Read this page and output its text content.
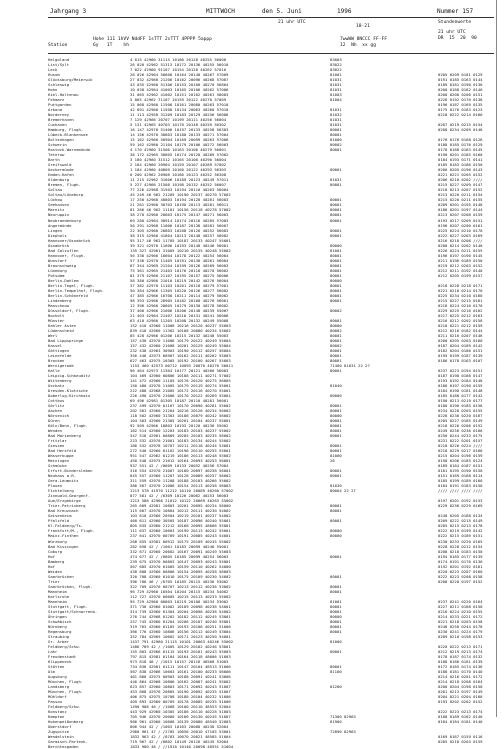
Jahrgang 3	MITTWOCH	den 5. Juni	1996	Nummer 157
21 uhr UTC
18-21
Stundenwerte
21 uhr UTC
DR  15  20  90
Hohe 111 1hVV NddFF 1sTTT 2sTTT 4PPPP 5appp
Station	6y   1T    hh
7wwWW 8NCCC FF-FF
12  Nh  xx gg
Helgoland	4 015 42960 31115 10160 20128 40255 56006	83003
List/Sylt	26 020 42962 51313 10172 20136 40255 56010	83022
Leck	7 022 42960 91107 10154 20128 40262 57010	83022
Husum	28 026 42964 50608 10164 20140 40267 57009	81001	0205 0209 0181 0129
Glücksburg/Meierwik	27 032 42960 21206 10162 20096 40268 57007	81031	0191 0185 0163 0144
Schleswig	43 035 42960 51106 10153 20100 40270 56804	81031	0189 0181 0190 0136
Hohn	10 038 42964 41003 10165 20106 40262 57006	81031	0200 0188 0162 0140
Kiel-Holtenau	31 065 42962 41002 10151 20102 40261 58003	81003	0200 0208 0200 0151
Fehmarn	5 065 42962 71107 10159 20122 40270 57009	81004	0226 0192 0170 0138
Puttgarden	15 068 42960 11506 10161 20080 40263 57010	0196 0187 0169 0135
Arkona	42 091 42960 11508 10134 20063 40260 57010	81031	0175 0176 0183 0123
Norderney	11 113 42958 31209 10183 20129 40256 56006	81032	0218 0222 0214 0160
Bremerhaven	7 129 42966 20707 10199 20111 40256 56004	81031
Cuxhaven	5 131 42965 40703 10178 20148 40259 56302	81031	0207 0219 0215 0154
Hamburg, Flugh.	16 147 42970 51406 10197 20133 40258 56303	80001	0208 0234 0209 0148
Lübeck-Blankensee	14 156 42970 30803 10180 20133 40271 57004	80001
Boltenhagen	15 162 42960 50904 10169 20099 40263 57006	81000	0176 0176 0168 0126
Schwerin	59 162 42960 21104 10179 20106 40272 56003	80002	0188 0185 0176 0129
Rostock-Warnemünde	4 170 42960 31506 10163 20106 40279 56001	80001	0178 0188 0183 0145
Teterow	38 172 42965 30805 10174 20120 40289 57002	0190 0201 0185 0160
Barth	3 180 42960 31512 10165 20100 40290 56004	0184 0193 0171 0141
Greifswald	2 184 42960 20904 10159 20107 40289 57002	0185 0183 0186 0150
Ueckermünde	1 184 42960 40809 10160 20122 40293 56303	80001	0200 0205 0196 0143
Emden-Hafen	0 200 42962 20908 10186 20123 40252 56308	0221 0221 0205 0152
Oldenburg	11 215 42962 31606 10189 20123 40249 57011	81031	0206 0210 0202 ////
Bremen, Flugh.	5 227 42966 21508 10198 20132 40252 56007	80001	0215 0227 0209 0147
Soltau	77 226 42968 31503 10194 20110 40263 56004	0218 0213 0207 0152
Soltau/Lüneburg	45 249 46 962 21205 10190 20137 40270 57002	0213 0220 0211 0154
Lüchow	17 250 42968 40803 10194 20128 40281 56003	80001	0215 0220 0211 0155
Seehausen	21 261 42960 30703 10190 20113 40281 56011	80001	0209 0201 0195 0148
Marnitz	81 266 46 962 11101 10156 20118 40278 57002	80001	0186 0201 0197 0144
Neuruppin	38 270 42960 20803 10175 20147 40271 56003	80001	0213 0207 0208 0159
Neubrandenburg	69 280 42964 30914 10174 20116 40285 57003	80001	0193 0217 0209 0151
Angermünde	56 291 42968 11006 10187 20138 40281 56007	0196 0207 0200 0161
Lingen	22 305 42960 20803 10208 20126 40252 56003	80001	0225 0224 0210 0170
Diepholz	38 315 42960 41804 10213 20148 40257 56002	80001	0222 0227 0203 0169
Hannover/Osnabrück	95 317 46 962 11705 10187 20133 40247 55001	0216 0218 0208 ////
Osnabrück	39 321 42970 11606 10193 20140 40246 56001	80000	0208 0214 0202 0140
Bad Salzuflen	135 327 42961 31005 10210 20135 40248 55002	81001	0226 0224 0211 0155
Hannover, Flugh.	56 338 42966 10604 10178 20122 40254 56004	80001	0196 0197 0190 0145
Wunstorf	57 336 42970 11405 10191 20138 40261 56004	80001	0211 0196 0189 0150
Braunschweig	87 344 42969 21204 10199 20126 40269 56003	80001	0219 0212 0203 0152
Lüneburg	75 361 42965 21403 10176 20118 40270 56002	80001	0212 0211 0192 0140
Potsdam	81 379 42960 21107 10195 20157 40275 56006	80001	0212 0205 0199 0157
Berlin-Dahlem	58 380 42960 21010 10219 20142 40276 56004	80000
Berlin-Tegel, Flugh.	37 382 42970 11103 10201 20118 40279 57001	80001	0218 0228 0218 0171
Berlin-Tempelhof, Flugh.	50 384 42966 11305 10220 20126 40277 56002	80001	0221 0218 0214 0170
Berlin-Schönefeld	47 385 42966 10708 10211 20114 40279 56002	80001	0225 0234 0210 0160
Lindenberg	98 393 42966 20905 10182 20108 40276 56001	80001	0215 0227 0215 0161
Manschnow	12 396 42960 20605 10179 20130 40278 56002	0218 0224 0216 0170
Düsseldorf, Flugh.	37 400 42966 21006 10206 20148 40239 55007	80002	0229 0225 0210 0162
Bocholt	21 403 42964 21407 10216 20131 40241 56006	0217 0225 0212 0163
Münster	63 410 42960 11205 10208 20132 40249 55008	80001	0216 0212 0202 0158
Kahler Asten	152 410 42960 11006 10216 20120 40237 55003	80000	0218 0221 0212 0159
Lüdenscheid	839 418 42960 11302 10108 20080 40234 55002	80002	0212 0218 0182 0144
Werl	85 428 42966 01206 10215 20132 40248 55003	80001	0211 0216 0207 0146
Bad Lippspringe	157 430 42970 11006 10179 20122 40249 55004	80001	0200 0205 0203 0160
Kassel	157 432 42960 21008 10201 20129 40249 55004	80002	0187 0204 0189 0142
Göttingen	232 438 42963 30903 10190 20112 40257 56004	80001	0182 0204 0186 0151
Leinefelde	356 446 42973 00907 10162 20111 40262 55003	80001	0195 0199 0187 0139
Brocken	627 463 42975 10305 10192 20100 40267 55003	80001	0186 0178 0163 0107
Wernigerode	1153 460 42573 00712 10093 20070 40270 56011	71400 81031 22 27
Halle	96 464 42973 11304 10177 20121 40266 56003	80001	0237 0223 0194 0151
Leipzig-Schkeuditz	104 469 42960 00806 10188 20111 40271 57002	0187 0198 0186 0147
Wittenberg	141 472 42960 11105 10176 20120 40275 56005	0193 0192 0184 0148
Oschatz	150 480 42970 11005 10179 20119 40274 55001	81040	0186 0197 0190 0155
Dresden-Klotzsche	222 488 42968 21005 10172 20116 40270 55001	0184 0190 0181 0148
Doberlug-Kirchhain	226 490 42970 21006 10170 20122 40269 55001	80000	0185 0188 0177 0142
Cottbus	69 496 42981 01305 10187 20110 40281 56001	0190 0213 0219 0177
Görlitz	237 499 42970 01107 10170 20090 40281 55002	80001	0180 0190 0185 0156
Aachen	202 501 42960 21204 10216 20126 40234 56002	80001	0234 0228 0203 0155
Nörvenich	118 502 42960 31303 10186 20079 40242 56002	80000	0228 0230 0220 0167
Düren	104 503 42960 21305 10201 20104 40237 55001	80001	0205 0227 0185 0149
Köln/Bonn, Flugh.	92 509 42966 10803 10193 20120 40236 55002	80001	0218 0226 0206 0152
Wenden	182 514 42960 12203 10183 20103 40237 55002	80001	0249 0250 0236 0166
Bad Marienberg	547 516 42961 00809 10205 20103 40235 56002	80001	0250 0244 0233 0175
Fritzlar	223 532 42970 21001 10183 20134 40244 55002	0231 0222 0201 0157
Giessen	186 532 42978 10707 10211 20118 40244 53001	80001	0218 0226 0224 ////
Bad Hersfeld	272 540 42960 01102 10196 20110 40255 55001	80001	0218 0229 0217 0166
Wasserkuppe	951 547 42962 01219 10186 20113 40248 55002	81000	0215 0204 0196 0159
Meiningen	450 548 42975 21012 10164 20093 40253 56001	26	0190 0206 0185 0124
Schmücke	937 551 42 / /0609 10133 20052 40256 57004	0189 0184 0187 0151
Erfurt-Bindersleben	316 554 42970 21007 10180 20097 40258 56001	80001	0181 0195 0190 0150
Neuhaus a.R.	845 557 42960 11207 10128 20089 40257 56002	80001	0151 0169 0168 0114
Gera-Leumnitz	311 559 42970 11208 10188 20103 40266 55002	0185 0199 0189 0160
Plauen	386 567 42970 21006 10154 20113 40258 56003	81030	0184 0191 0183 0150
Fichtelberg	1213 578 41970 11212 10110 20089 40260 57002	80004 22 27	//// //// //// ////
Zinnwald-Georgenf.	877 581 42 / /0309 10126 20062 40253 56003
Aue/Erzgebirge	1213 586 42966 21012 10122 20069 40263 55002	0197 0201 0192 0153
Trier-Petrisberg	265 609 42981 10803 10201 20095 40234 56000	80001	0229 0236 0229 0169
Bad Kreuznach	115 607 42970 10804 10212 20111 40230 54002	80001
Geisenheim	103 610 42960 20504 10219 20101 40237 54002	0248 0205 0188 0134
Pfalzfeld	460 611 42960 30505 10187 20096 40240 55001	80001	0209 0222 0215 0149
Kl.Feldberg/Ts.	805 635 42960 21212 10168 20095 48006 55001	0205 0215 0213 0178
Frankfurt/M., Flugh.	111 637 42960 10603 10199 20113 40242 55001	80000	0222 0219 0199 0142
Mainz-Finthen	237 641 42970 00709 10191 20085 40243 54001	80000	0222 0215 0189 0151
Würzburg	268 655 42981 00912 10175 20109 40245 55002	0230 0233 0220 0165
Bad Kissingen	282 658 42 / /1001 10183 20099 40246 55001	0228 0228 0212 0154
Coburg	332 671 42960 20602 10167 20091 40249 55003	0208 0210 0183 0150
Hof	474 677 42 / /0805 10185 20099 40254 56003	80001	0194 0185 0177 0139
Bamberg	239 675 42970 00803 10147 20093 40243 55001	0174 0191 0176 0130
Hof	567 685 42970 01005 10159 20110 40262 54000	0192 0201 0192 0161
Weiden	438 688 42960 00806 10154 20095 40258 56003	0220 0223 0207 0160
Saarbrücken	320 708 42960 01010 10175 20109 40230 54002	80001	0222 0223 0208 0158
Trier	396 706 46 / /0705 10185 20115 40236 53002	0208 0220 0197 0152
Saarbrücken, Flugh.	322 709 42970 00707 10213 20112 40236 53002	80001
Mannheim	96 729 42960 10504 10204 20115 40234 54002	80001
Karlsruhe	112 727 42970 00605 10215 20113 40233 55002
Mannheim	95 729 42960 00803 10219 20108 40234 53002	81001	0237 0241 0220 0164
Stuttgart, Flugh.	371 738 42960 01002 10189 20098 40236 54001	80001	0227 0211 0188 0150
Stuttgart/Schnarrenb.	314 739 42960 01304 10204 20098 40236 54002	80001	0216 0224 0210 0155
Öhringen	276 744 42968 01202 10182 20112 40245 53001	80000	0214 0233 0221 0172
Schwäbisch	257 745 42960 01204 10206 20107 40240 55001	80001	0221 0218 0203 0158
Nürnberg	319 763 42960 01105 10193 20106 40251 51006	80001	0248 0258 0244 0178
Regensburg	366 776 42960 10806 10156 20112 40249 53004	80001	0230 0241 0224 0179
Straubing	352 784 42965 10602 10171 20123 40250 54001	0209 0210 0198 0153
Gr. Arber	1437 791 42960 21115 10101 20063 40246 55002	81000
Feldberg/Schw.	1486 789 42 / /1005 10129 20102 40246 53001	0220 0222 0213 0171
Lahr	155 803 42966 01115 10193 20101 40243 55003	80001	0212 0219 0213 0174
Freudenstadt	797 815 42981 01104 10164 20118 48006 51003	0178 0187 0174 0132
Klippeneck	973 818 46 / /1015 10157 20116 48568 51003	0188 0186 0181 0139
Stötten	734 836 42981 01111 10147 20104 48513 51006	80001	0172 0185 0174 0136
Ulm	567 838 42966 10603 10161 20100 40233 56006	81100	0188 0181 0170 0140
Augsburg	461 860 42975 00903 10188 20091 40241 53006	0214 0216 0201 0172
München, Flugh.	446 864 42968 10806 10162 20087 40241 55002	0214 0218 0208 0164
Landsberg	623 857 42960 10803 10171 20092 40243 51007	81200	0200 0204 0198 0150
München, Flugh.	453 868 42970 20805 10190 20092 40235 51007	0201 0213 0197 0149
Mühldorf	406 875 42975 10708 10188 20104 40232 51006	0204 0221 0204 0160
Passau	409 893 42960 00709 10178 20085 40235 51006	0193 0202 0202 0152
Feldberg/Schw.	1490 908 46 / /1008 10100 20110 48553 52004
Konstanz	443 929 42960 10305 10186 20110 40228 51003	0222 0223 0213 0174
Kempten	705 946 42970 20000 10166 20130 40245 51007	71300 82963	0188 0189 0182 0146
Hohenpeißenberg	986 961 42960 10608 10139 20080 48540 52003	81900	0184 0184 0181 0140
Oberstdorf	806 944 42 / /1003 10163 20080 40238 52004
Zugspitze	2960 961 47 / /2705 10056 20010 47105 53001	72890 82963
Wendelstein	1832 963 42 / /0703 10070 20021 48585 51004	0169 0167 0159 0116
Garmisch-Partenk.	719 967 42 / /0802 10149 20116 40245 52004	0205 0218 0203 0159
Berchtesgaden	1833 980 46 / //1910 10140 20098 48551 51004
